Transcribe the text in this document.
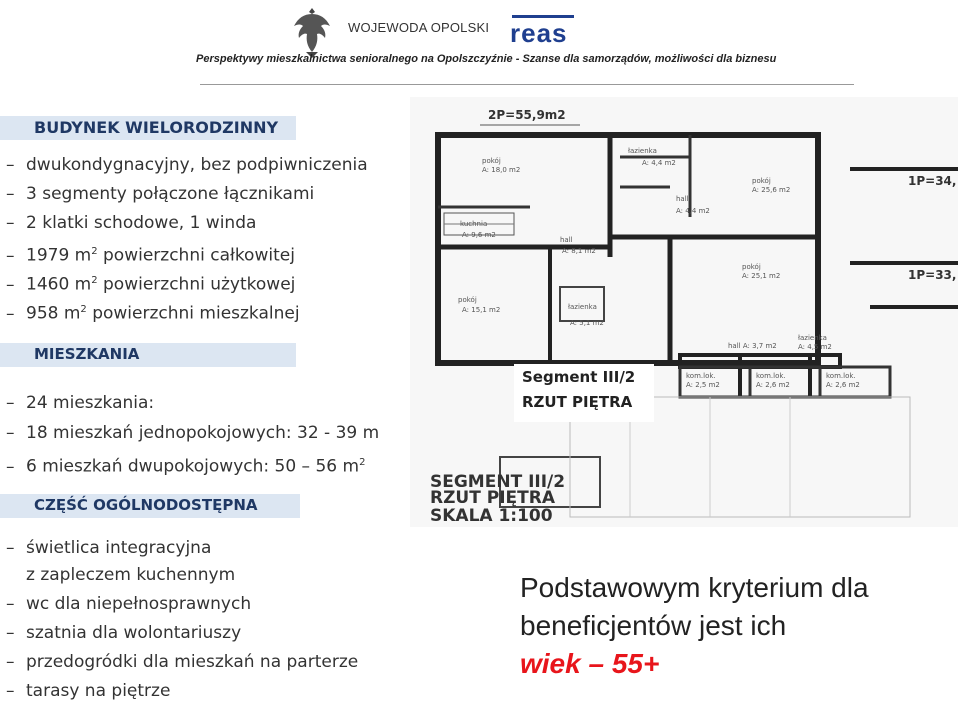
WOJEWODA OPOLSKI reas
Perspektywy mieszkalnictwa senioralnego na Opolszczyźnie - Szanse dla samorządów, możliwości dla biznesu
BUDYNEK WIELORODZINNY
– dwukondygnacyjny, bez podpiwniczenia
– 3 segmenty połączone łącznikami
– 2 klatki schodowe, 1 winda
– 1979 $m^2$ powierzchni całkowitej
– 1460 $m^2$ powierzchni użytkowej
– 958 $m^2$ powierzchni mieszkalnej
MIESZKANIA
– 24 mieszkania:
– 18 mieszkań jednopokojowych: 32 - 39 m
– 6 mieszkań dwupokojowych: 50 – 56 $m^2$
2P=55,9m2
1P=34,
1P=33,
pokój
A: 18,0 m2
łazienka
A: 4,4 m2
pokój
A: 25,6 m2
hall
A: 4,4 m2
kuchnia
A: 9,6 m2
hall
A: 8,1 m2
pokój
A: 25,1 m2
pokój
A: 15,1 m2	łazienka
A: 5,1 m2
hall A: 3,7 m2
łazienka
A: 4,5 m2
kom.lok.
A: 2,5 m2
kom.lok.
A: 2,6 m2
kom.lok.
A: 2,6 m2
SEGMENT III/2
RZUT PIĘTRA
SKALA 1:100
Segment III/2
RZUT PIĘTRA
CZĘŚĆ OGÓLNODOSTĘPNA
– świetlica integracyjna
z zapleczem kuchennym
– wc dla niepełnosprawnych
– szatnia dla wolontariuszy
– przedogródki dla mieszkań na parterze
– tarasy na piętrze
Podstawowym kryterium dla
beneficjentów jest ich
wiek – 55+
